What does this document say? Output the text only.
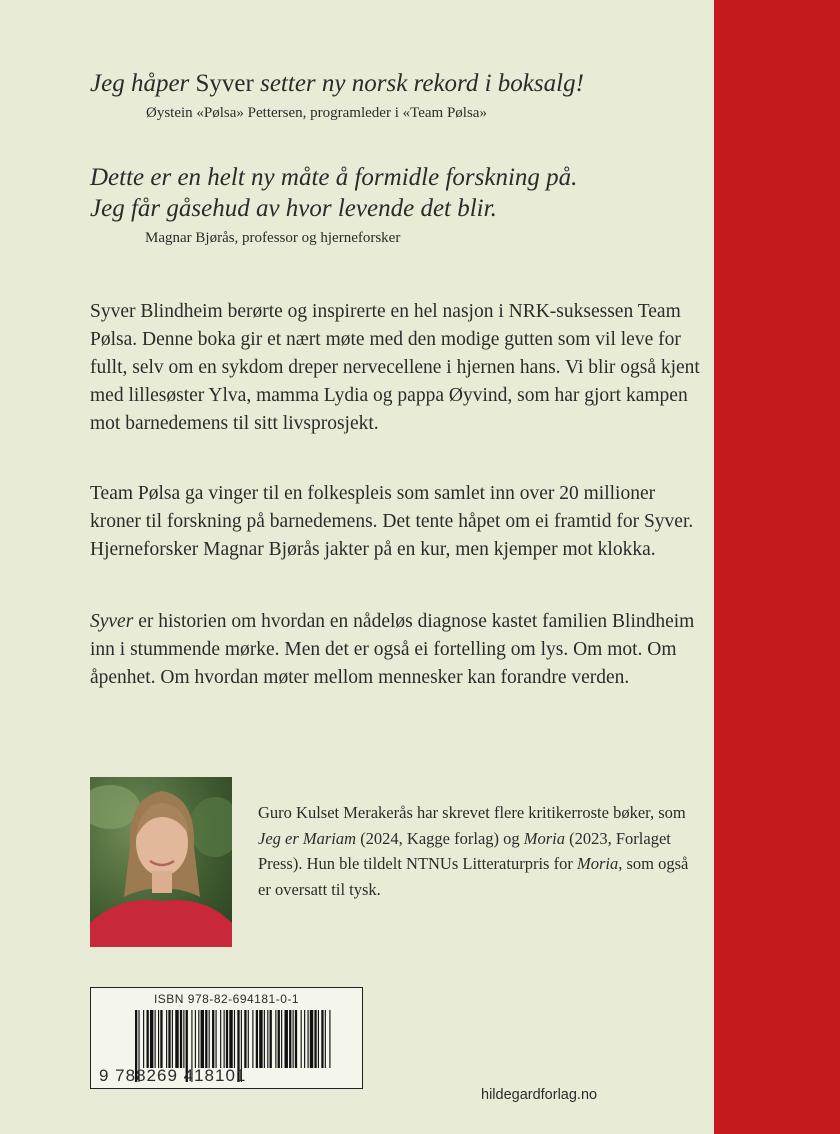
Jeg håper Syver setter ny norsk rekord i boksalg!
Øystein «Pølsa» Pettersen, programleder i «Team Pølsa»
Dette er en helt ny måte å formidle forskning på.
Jeg får gåsehud av hvor levende det blir.
Magnar Bjørås, professor og hjerneforsker

Syver Blindheim berørte og inspirerte en hel nasjon i NRK-suksessen Team Pølsa. Denne boka gir et nært møte med den modige gutten som vil leve for fullt, selv om en sykdom dreper nervecellene i hjernen hans. Vi blir også kjent med lillesøster Ylva, mamma Lydia og pappa Øyvind, som har gjort kampen mot barnedemens til sitt livsprosjekt.

Team Pølsa ga vinger til en folkespleis som samlet inn over 20 millioner kroner til forskning på barnedemens. Det tente håpet om ei framtid for Syver. Hjerneforsker Magnar Bjørås jakter på en kur, men kjemper mot klokka.

Syver er historien om hvordan en nådeløs diagnose kastet familien Blindheim inn i stummende mørke. Men det er også ei fortelling om lys. Om mot. Om åpenhet. Om hvordan møter mellom mennesker kan forandre verden.

Guro Kulset Merakerås har skrevet flere kritikerroste bøker, som Jeg er Mariam (2024, Kagge forlag) og Moria (2023, Forlaget Press). Hun ble tildelt NTNUs Litteraturpris for Moria, som også er oversatt til tysk.
ISBN 978-82-694181-0-1
9 788269 418101
hildegardforlag.no
